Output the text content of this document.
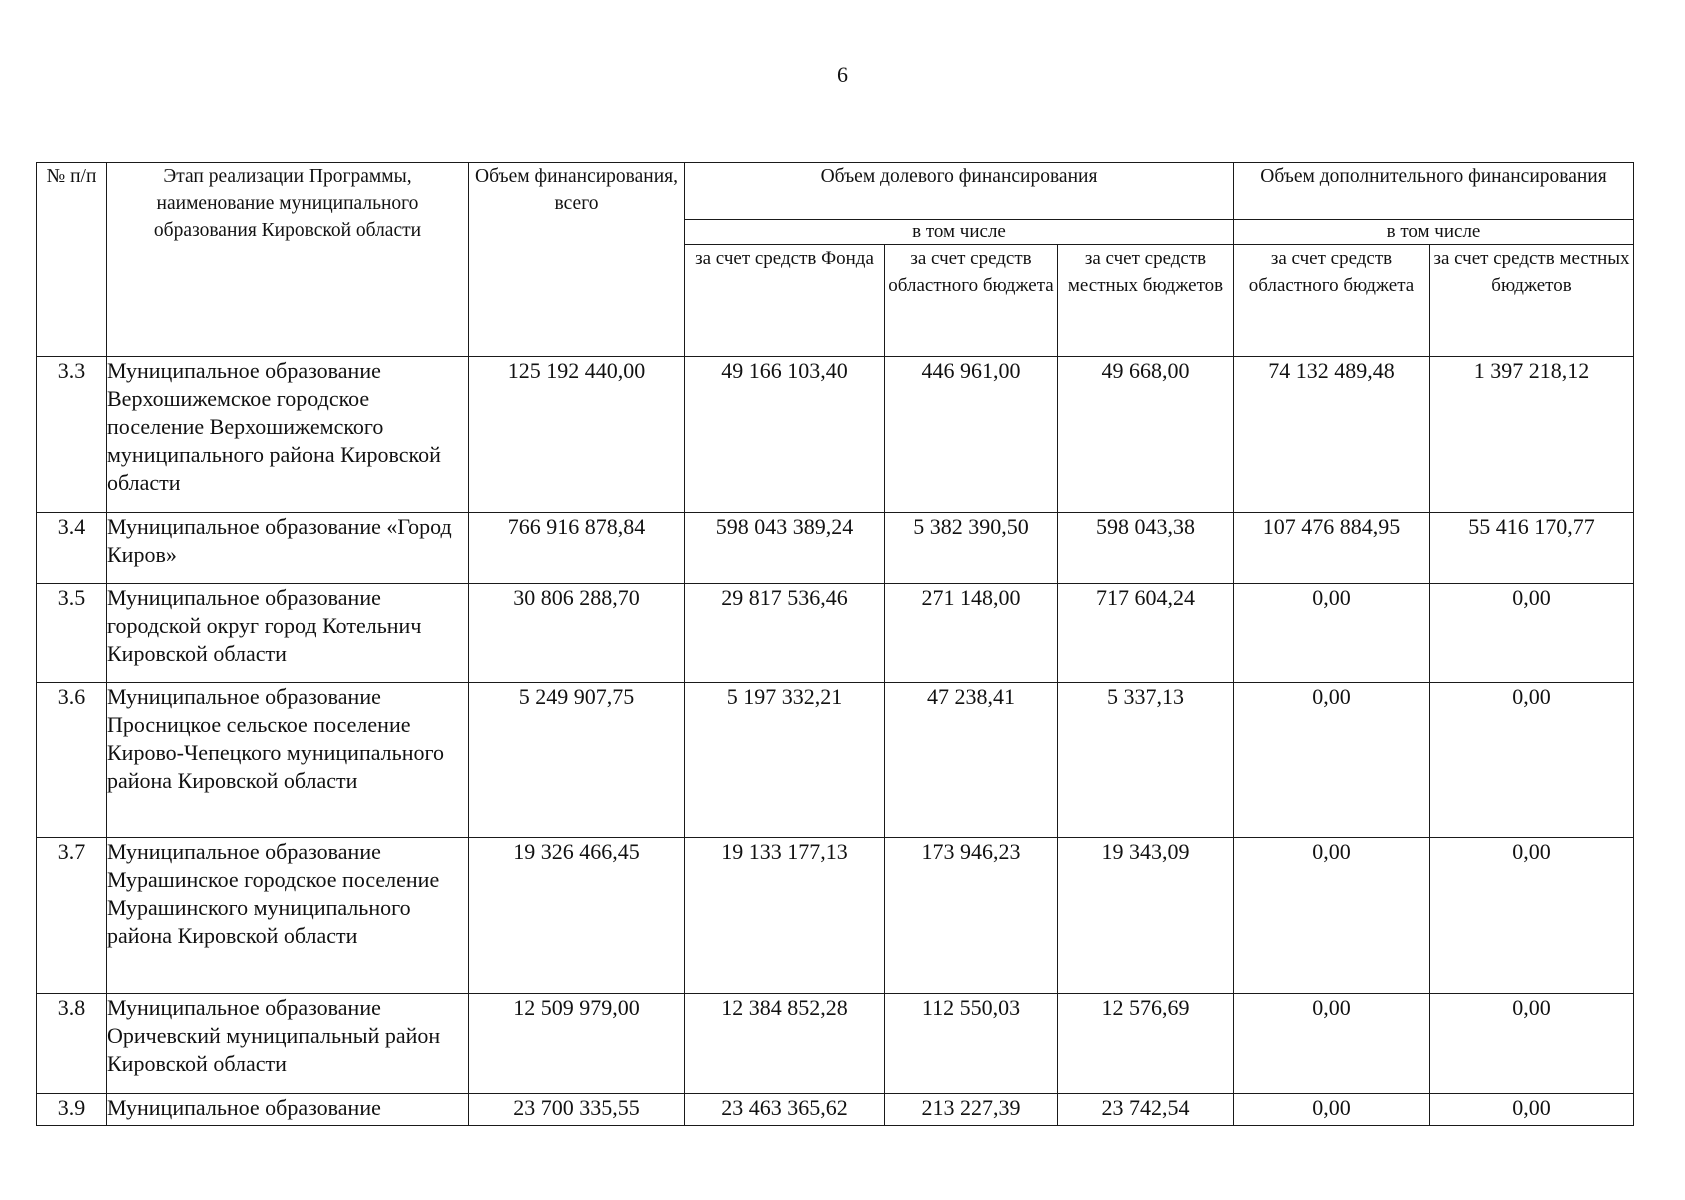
6
№ п/п	Этап реализации Программы, наименование муниципального образования Кировской области	Объем финансирования, всего	Объем долевого финансирования			Объем дополнительного финансирования	
			в том числе			в том числе	
			за счет средств Фонда	за счет средств областного бюджета	за счет средств местных бюджетов	за счет средств областного бюджета	за счет средств местных бюджетов
3.3	Муниципальное образование Верхошижемское городское поселение Верхошижемского муниципального района Кировской области	125 192 440,00	49 166 103,40	446 961,00	49 668,00	74 132 489,48	1 397 218,12
3.4	Муниципальное образование «Город Киров»	766 916 878,84	598 043 389,24	5 382 390,50	598 043,38	107 476 884,95	55 416 170,77
3.5	Муниципальное образование городской округ город Котельнич Кировской области	30 806 288,70	29 817 536,46	271 148,00	717 604,24	0,00	0,00
3.6	Муниципальное образование Просницкое сельское поселение Кирово-Чепецкого муниципального района Кировской области	5 249 907,75	5 197 332,21	47 238,41	5 337,13	0,00	0,00
3.7	Муниципальное образование Мурашинское городское поселение Мурашинского муниципального района Кировской области	19 326 466,45	19 133 177,13	173 946,23	19 343,09	0,00	0,00
3.8	Муниципальное образование Оричевский муниципальный район Кировской области	12 509 979,00	12 384 852,28	112 550,03	12 576,69	0,00	0,00
3.9	Муниципальное образование	23 700 335,55	23 463 365,62	213 227,39	23 742,54	0,00	0,00
